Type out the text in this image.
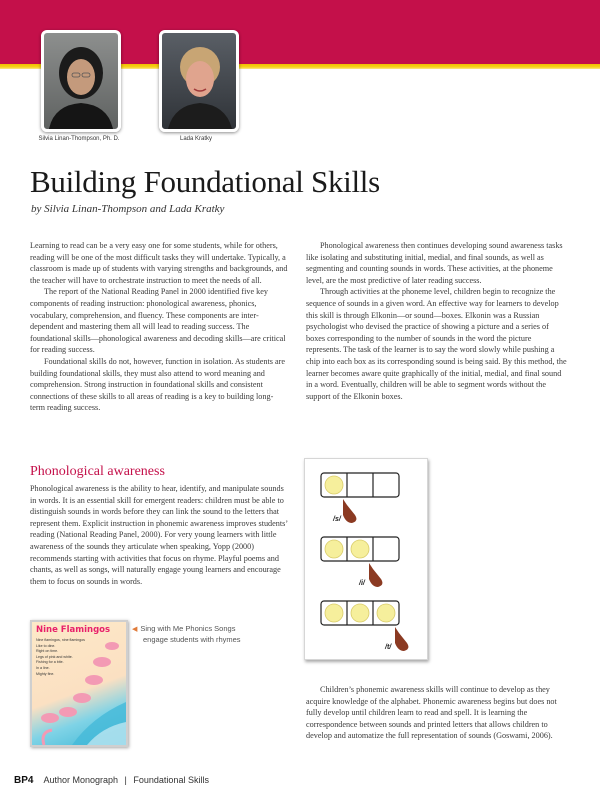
Silvia Linan-Thompson, Ph. D.	Lada Kratky
Building Foundational Skills
by Silvia Linan-Thompson and Lada Kratky

Learning to read can be a very easy one for some students, while for others, reading will be one of the most difficult tasks they will undertake. Typically, a classroom is made up of students with varying strengths and backgrounds, and the teacher will have to orchestrate instruction to meet the needs of all.

The report of the National Reading Panel in 2000 identified five key components of reading instruction: phonological awareness, phonics, vocabulary, comprehension, and fluency. These components are inter-dependent and mastering them all will lead to reading success. The foundational skills—phonological awareness and decoding skills—are critical for reading success.

Foundational skills do not, however, function in isolation. As students are building foundational skills, they must also attend to word meaning and comprehension. Strong instruction in foundational skills and consistent connections of these skills to all areas of reading is a key to building long-term reading success.

Phonological awareness

Phonological awareness is the ability to hear, identify, and manipulate sounds in words. It is an essential skill for emergent readers: children must be able to distinguish sounds in words before they can link the sound to the letters that represent them. Explicit instruction in phonemic awareness improves students’ reading (National Reading Panel, 2000). For very young learners with little awareness of the sounds they articulate when speaking, Yopp (2000) recommends starting with activities that focus on rhyme. Playful poems and chants, as well as songs, will naturally engage young learners and encourage them to focus on sounds in words.

Nine Flamingos
Nine flamingos, nine flamingos
Like to dine.
Right on time.
Legs of pink and white.
Fishing for a bite.
In a line.
Mighty fine.
◀ Sing with Me Phonics Songs
engage students with rhymes

Phonological awareness then continues developing sound awareness tasks like isolating and substituting initial, medial, and final sounds, as well as segmenting and counting sounds in words. These activities, at the phoneme level, are the most predictive of later reading success.

Through activities at the phoneme level, children begin to recognize the sequence of sounds in a given word. An effective way for learners to develop this skill is through Elkonin—or sound—boxes. Elkonin was a Russian psychologist who devised the practice of showing a picture and a series of boxes corresponding to the number of sounds in the word the picture represents. The task of the learner is to say the word slowly while pushing a chip into each box as its corresponding sound is being said. By this method, the learner becomes aware quite graphically of the initial, medial, and final sound in a word. Eventually, children will be able to segment words without the support of the Elkonin boxes.

/s/
/i/
/t/

Children’s phonemic awareness skills will continue to develop as they acquire knowledge of the alphabet. Phonemic awareness begins but does not fully develop until children learn to read and spell. It is learning the correspondence between sounds and printed letters that allows children to develop and automatize the full representation of sounds (Goswami, 2006).

BP4 Author Monograph | Foundational Skills
